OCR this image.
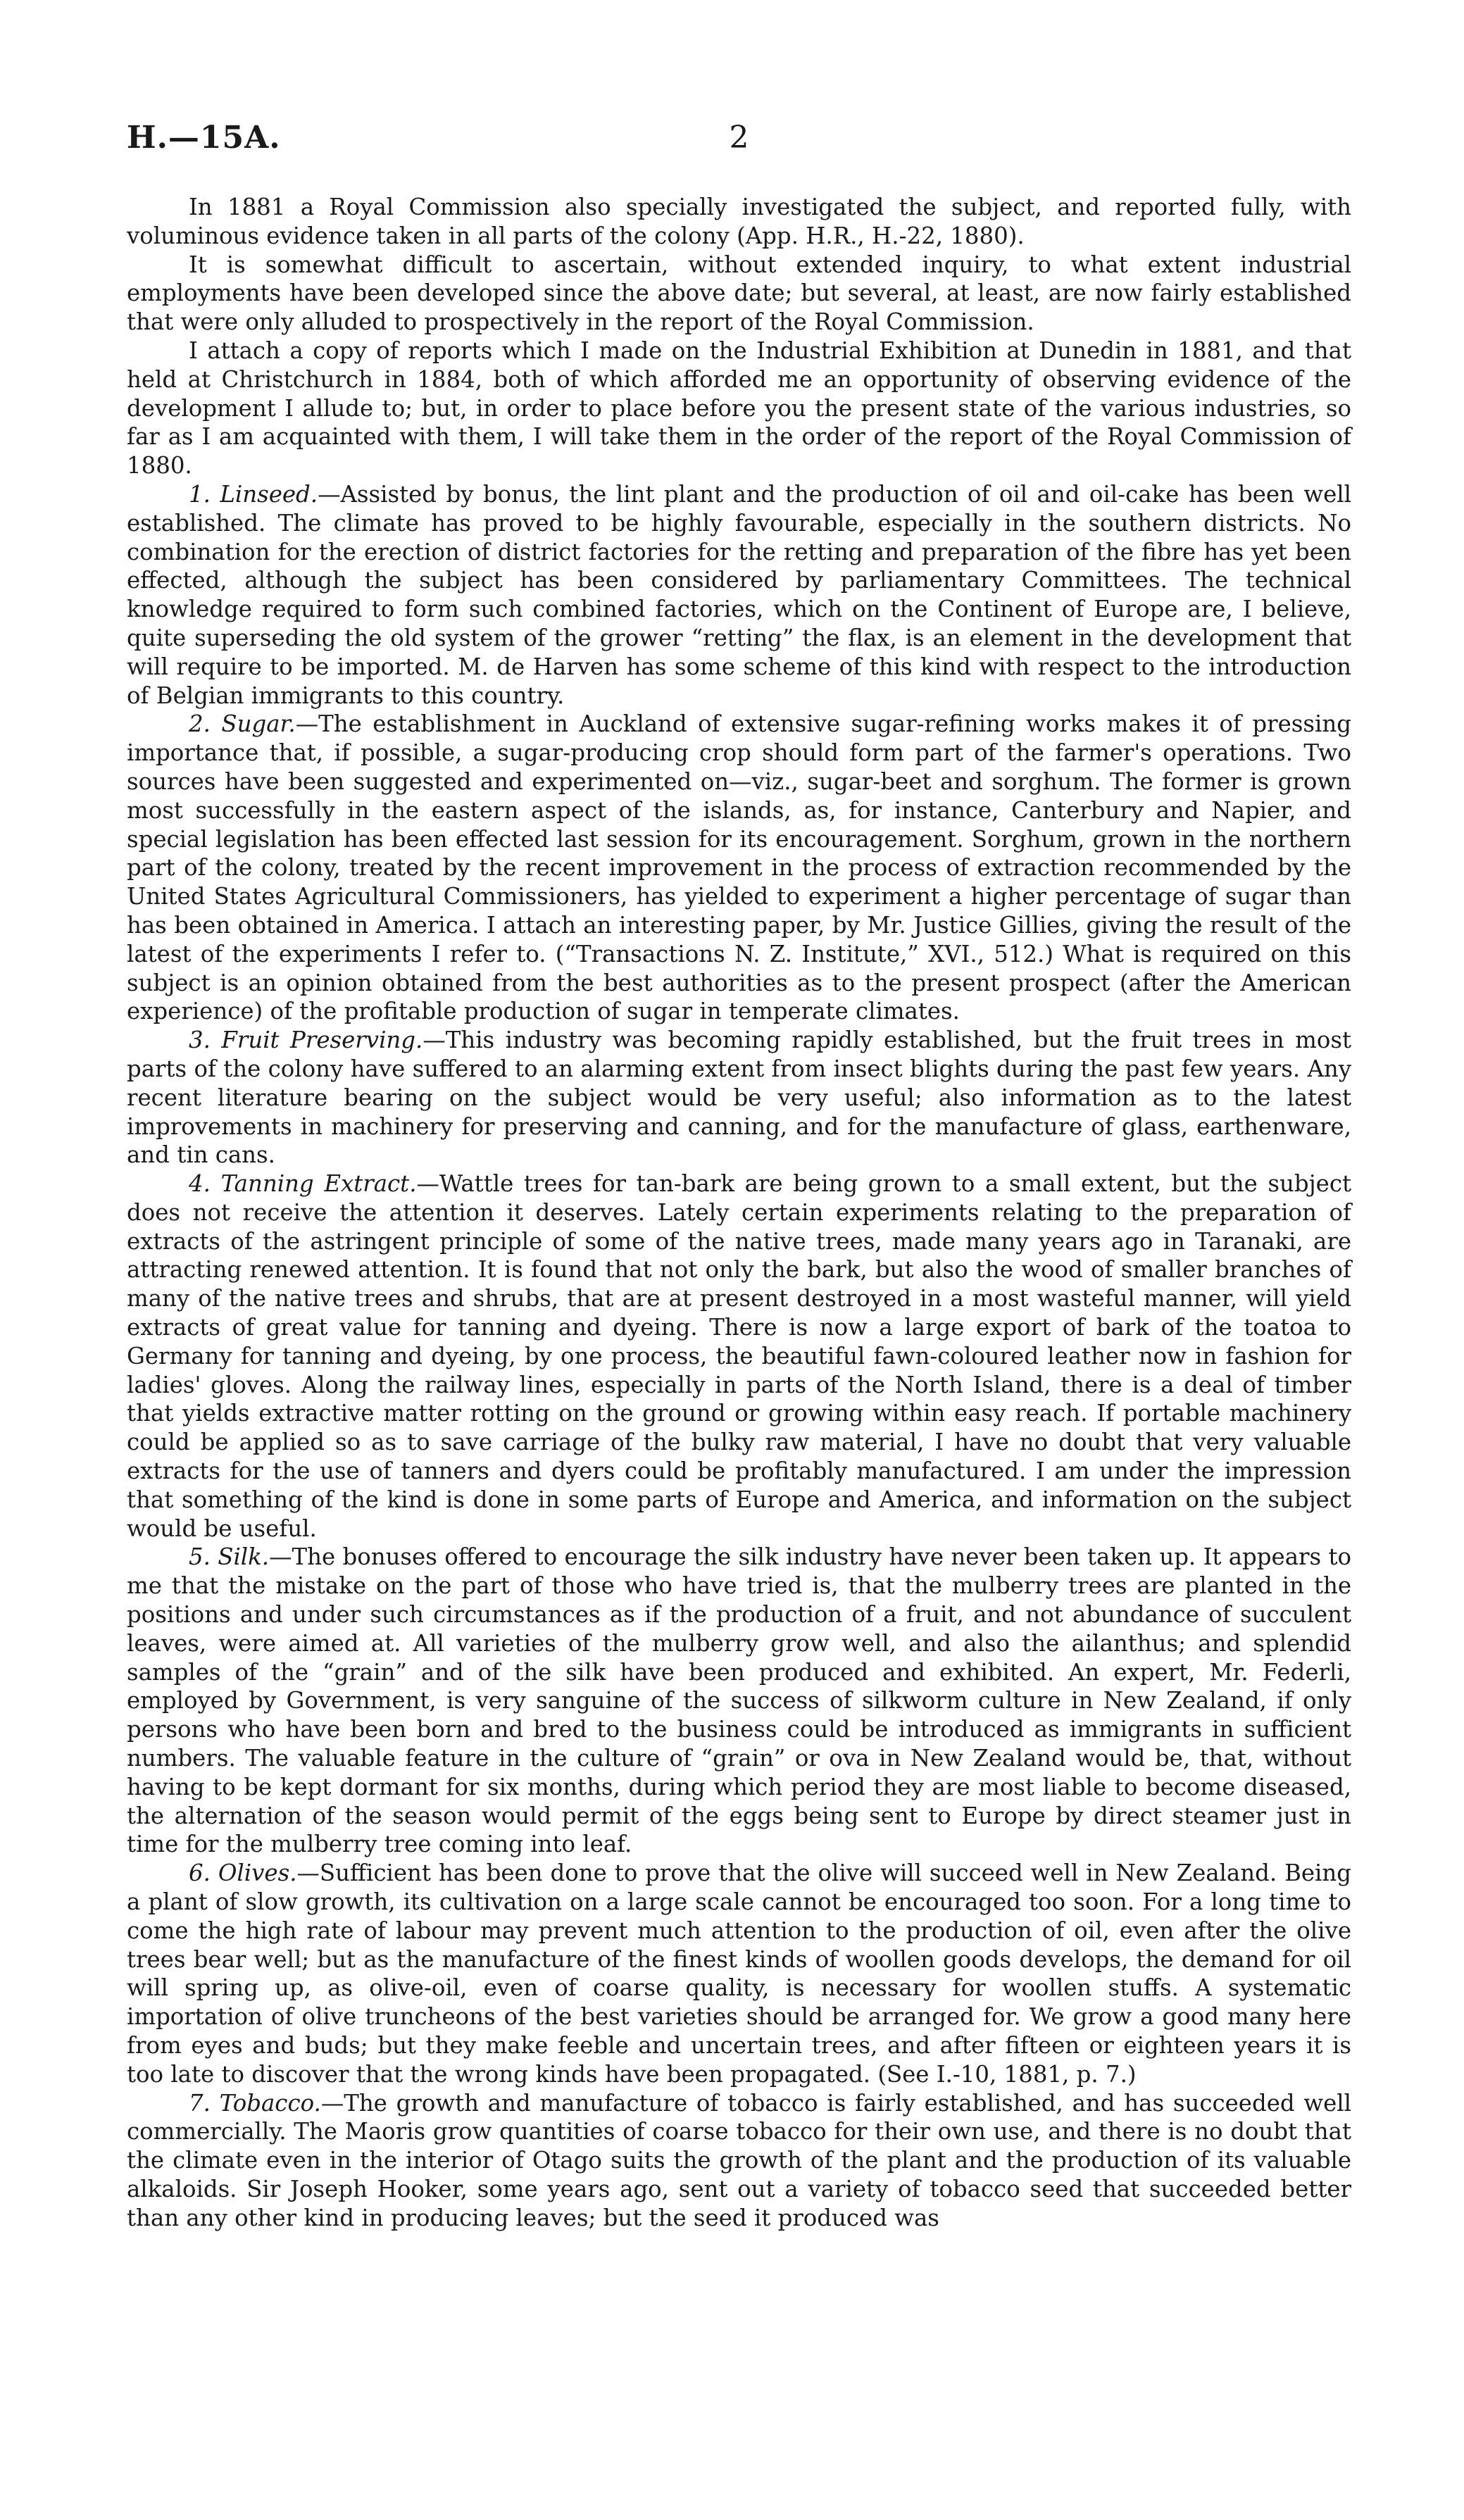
H.—15A.	2

In 1881 a Royal Commission also specially investigated the subject, and reported fully, with voluminous evidence taken in all parts of the colony (App. H.R., H.-22, 1880).

It is somewhat difficult to ascertain, without extended inquiry, to what extent industrial employments have been developed since the above date; but several, at least, are now fairly established that were only alluded to prospectively in the report of the Royal Commission.

I attach a copy of reports which I made on the Industrial Exhibition at Dunedin in 1881, and that held at Christchurch in 1884, both of which afforded me an opportunity of observing evidence of the development I allude to; but, in order to place before you the present state of the various industries, so far as I am acquainted with them, I will take them in the order of the report of the Royal Commission of 1880.

1. Linseed.—Assisted by bonus, the lint plant and the production of oil and oil-cake has been well established. The climate has proved to be highly favourable, especially in the southern districts. No combination for the erection of district factories for the retting and preparation of the fibre has yet been effected, although the subject has been considered by parliamentary Committees. The technical knowledge required to form such combined factories, which on the Continent of Europe are, I believe, quite superseding the old system of the grower “retting” the flax, is an element in the development that will require to be imported. M. de Harven has some scheme of this kind with respect to the introduction of Belgian immigrants to this country.

2. Sugar.—The establishment in Auckland of extensive sugar-refining works makes it of pressing importance that, if possible, a sugar-producing crop should form part of the farmer's operations. Two sources have been suggested and experimented on—viz., sugar-beet and sorghum. The former is grown most successfully in the eastern aspect of the islands, as, for instance, Canterbury and Napier, and special legislation has been effected last session for its encouragement. Sorghum, grown in the northern part of the colony, treated by the recent improvement in the process of extraction recommended by the United States Agricultural Commissioners, has yielded to experiment a higher percentage of sugar than has been obtained in America. I attach an interesting paper, by Mr. Justice Gillies, giving the result of the latest of the experiments I refer to. (“Transactions N. Z. Institute,” XVI., 512.) What is required on this subject is an opinion obtained from the best authorities as to the present prospect (after the American experience) of the profitable production of sugar in temperate climates.

3. Fruit Preserving.—This industry was becoming rapidly established, but the fruit trees in most parts of the colony have suffered to an alarming extent from insect blights during the past few years. Any recent literature bearing on the subject would be very useful; also information as to the latest improvements in machinery for preserving and canning, and for the manufacture of glass, earthenware, and tin cans.

4. Tanning Extract.—Wattle trees for tan-bark are being grown to a small extent, but the subject does not receive the attention it deserves. Lately certain experiments relating to the preparation of extracts of the astringent principle of some of the native trees, made many years ago in Taranaki, are attracting renewed attention. It is found that not only the bark, but also the wood of smaller branches of many of the native trees and shrubs, that are at present destroyed in a most wasteful manner, will yield extracts of great value for tanning and dyeing. There is now a large export of bark of the toatoa to Germany for tanning and dyeing, by one process, the beautiful fawn-coloured leather now in fashion for ladies' gloves. Along the railway lines, especially in parts of the North Island, there is a deal of timber that yields extractive matter rotting on the ground or growing within easy reach. If portable machinery could be applied so as to save carriage of the bulky raw material, I have no doubt that very valuable extracts for the use of tanners and dyers could be profitably manufactured. I am under the impression that something of the kind is done in some parts of Europe and America, and information on the subject would be useful.

5. Silk.—The bonuses offered to encourage the silk industry have never been taken up. It appears to me that the mistake on the part of those who have tried is, that the mulberry trees are planted in the positions and under such circumstances as if the production of a fruit, and not abundance of succulent leaves, were aimed at. All varieties of the mulberry grow well, and also the ailanthus; and splendid samples of the “grain” and of the silk have been produced and exhibited. An expert, Mr. Federli, employed by Government, is very sanguine of the success of silkworm culture in New Zealand, if only persons who have been born and bred to the business could be introduced as immigrants in sufficient numbers. The valuable feature in the culture of “grain” or ova in New Zealand would be, that, without having to be kept dormant for six months, during which period they are most liable to become diseased, the alternation of the season would permit of the eggs being sent to Europe by direct steamer just in time for the mulberry tree coming into leaf.

6. Olives.—Sufficient has been done to prove that the olive will succeed well in New Zealand. Being a plant of slow growth, its cultivation on a large scale cannot be encouraged too soon. For a long time to come the high rate of labour may prevent much attention to the production of oil, even after the olive trees bear well; but as the manufacture of the finest kinds of woollen goods develops, the demand for oil will spring up, as olive-oil, even of coarse quality, is necessary for woollen stuffs. A systematic importation of olive truncheons of the best varieties should be arranged for. We grow a good many here from eyes and buds; but they make feeble and uncertain trees, and after fifteen or eighteen years it is too late to discover that the wrong kinds have been propagated. (See I.-10, 1881, p. 7.)

7. Tobacco.—The growth and manufacture of tobacco is fairly established, and has succeeded well commercially. The Maoris grow quantities of coarse tobacco for their own use, and there is no doubt that the climate even in the interior of Otago suits the growth of the plant and the production of its valuable alkaloids. Sir Joseph Hooker, some years ago, sent out a variety of tobacco seed that succeeded better than any other kind in producing leaves; but the seed it produced was
